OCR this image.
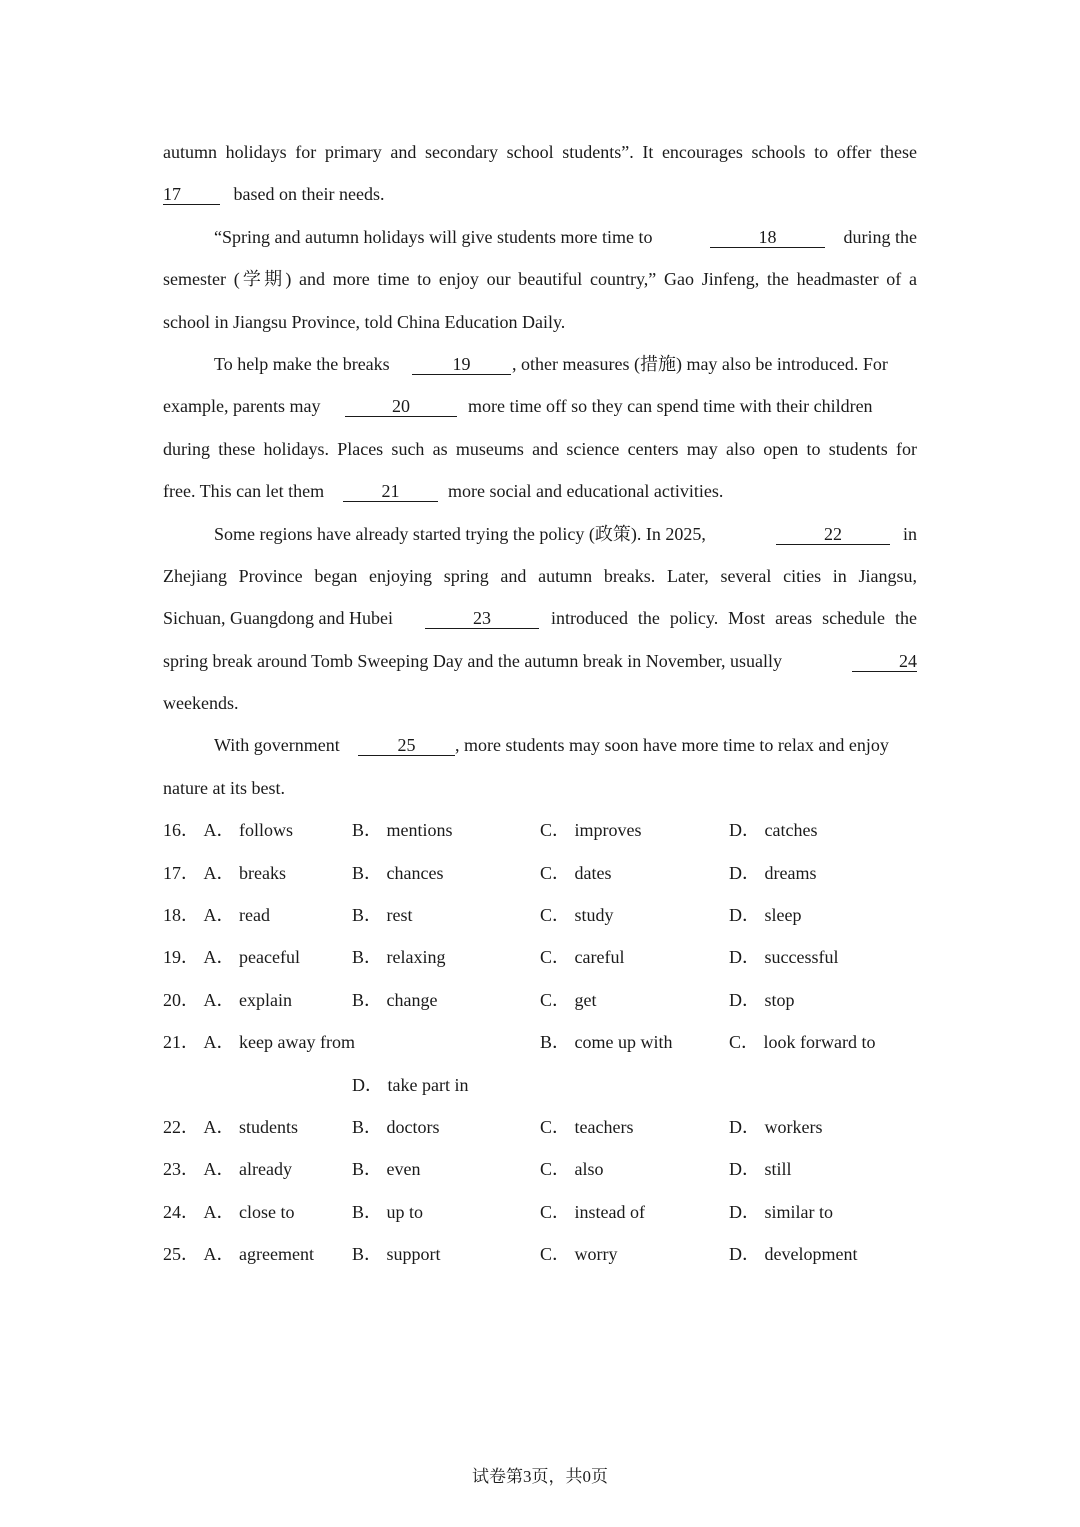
autumn holidays for primary and secondary school students”. It encourages schools to offer these
17	based on their needs.
“Spring and autumn holidays will give students more time to	18	during the
semester (学期) and more time to enjoy our beautiful country,” Gao Jinfeng, the headmaster of a
school in Jiangsu Province, told China Education Daily.
To help make the breaks	19	, other measures (措施) may also be introduced. For
example, parents may	20	more time off so they can spend time with their children
during these holidays. Places such as museums and science centers may also open to students for
free. This can let them	21	more social and educational activities.
Some regions have already started trying the policy (政策). In 2025,	22	in
Zhejiang Province began enjoying spring and autumn breaks. Later, several cities in Jiangsu,
Sichuan, Guangdong and Hubei	23	introduced the policy. Most areas schedule the
spring break around Tomb Sweeping Day and the autumn break in November, usually	24
weekends.
With government	25	, more students may soon have more time to relax and enjoy
nature at its best.
16． A． follows	B． mentions	C． improves	D． catches
17． A． breaks	B． chances	C． dates	D． dreams
18． A． read	B． rest	C． study	D． sleep
19． A． peaceful	B． relaxing	C． careful	D． successful
20． A． explain	B． change	C． get	D． stop
21． A． keep away from	B． come up with	C． look forward to
D． take part in
22． A． students	B． doctors	C． teachers	D． workers
23． A． already	B． even	C． also	D． still
24． A． close to	B． up to	C． instead of	D． similar to
25． A． agreement B． support	C． worry	D． development
试卷第3页，共0页
